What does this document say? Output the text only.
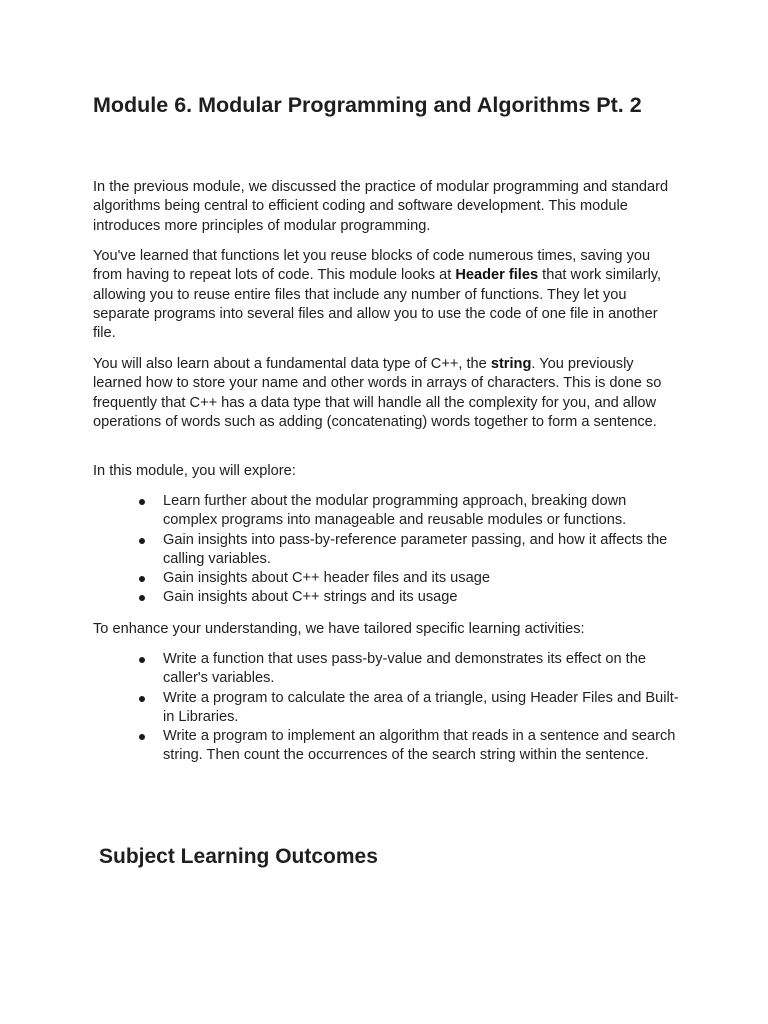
Module 6. Modular Programming and Algorithms Pt. 2

In the previous module, we discussed the practice of modular programming and standard algorithms being central to efficient coding and software development. This module introduces more principles of modular programming.

You've learned that functions let you reuse blocks of code numerous times, saving you from having to repeat lots of code. This module looks at Header files that work similarly, allowing you to reuse entire files that include any number of functions. They let you separate programs into several files and allow you to use the code of one file in another file.

You will also learn about a fundamental data type of C++, the string. You previously learned how to store your name and other words in arrays of characters. This is done so frequently that C++ has a data type that will handle all the complexity for you, and allow operations of words such as adding (concatenating) words together to form a sentence.

In this module, you will explore:

Learn further about the modular programming approach, breaking down complex programs into manageable and reusable modules or functions.
Gain insights into pass-by-reference parameter passing, and how it affects the calling variables.
Gain insights about C++ header files and its usage
Gain insights about C++ strings and its usage

To enhance your understanding, we have tailored specific learning activities:

Write a function that uses pass-by-value and demonstrates its effect on the caller's variables.
Write a program to calculate the area of a triangle, using Header Files and Built-in Libraries.
Write a program to implement an algorithm that reads in a sentence and search string. Then count the occurrences of the search string within the sentence.
Subject Learning Outcomes
